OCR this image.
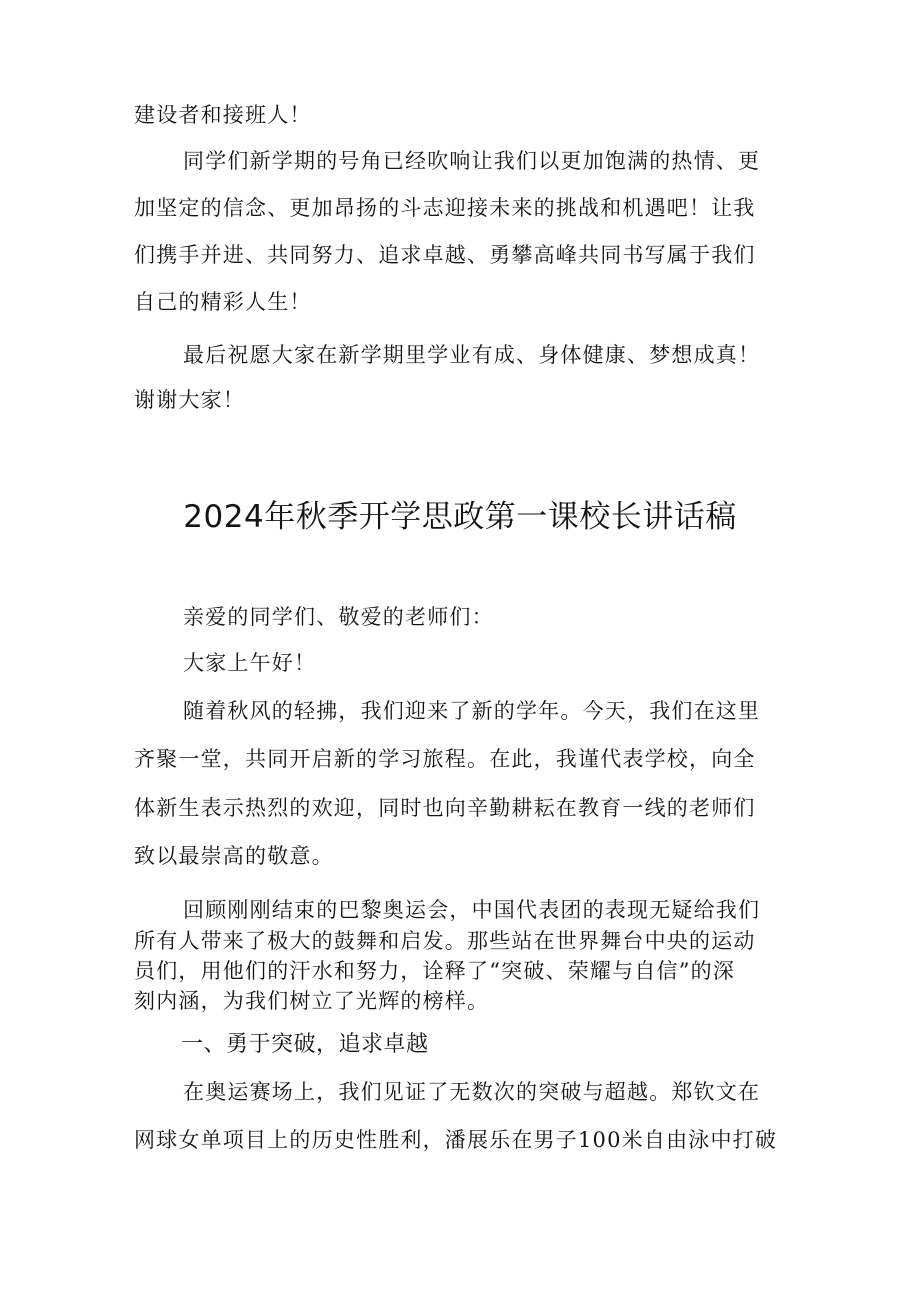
建设者和接班人！

同学们新学期的号角已经吹响让我们以更加饱满的热情、更

加坚定的信念、更加昂扬的斗志迎接未来的挑战和机遇吧！让我

们携手并进、共同努力、追求卓越、勇攀高峰共同书写属于我们

自己的精彩人生！

最后祝愿大家在新学期里学业有成、身体健康、梦想成真！

谢谢大家！

2024年秋季开学思政第一课校长讲话稿

亲爱的同学们、敬爱的老师们：

大家上午好！

随着秋风的轻拂，我们迎来了新的学年。今天，我们在这里

齐聚一堂，共同开启新的学习旅程。在此，我谨代表学校，向全

体新生表示热烈的欢迎，同时也向辛勤耕耘在教育一线的老师们

致以最崇高的敬意。

回顾刚刚结束的巴黎奥运会，中国代表团的表现无疑给我们

所有人带来了极大的鼓舞和启发。那些站在世界舞台中央的运动

员们，用他们的汗水和努力，诠释了“突破、荣耀与自信”的深

刻内涵，为我们树立了光辉的榜样。

一、勇于突破，追求卓越

在奥运赛场上，我们见证了无数次的突破与超越。郑钦文在

网球女单项目上的历史性胜利，潘展乐在男子100米自由泳中打破
